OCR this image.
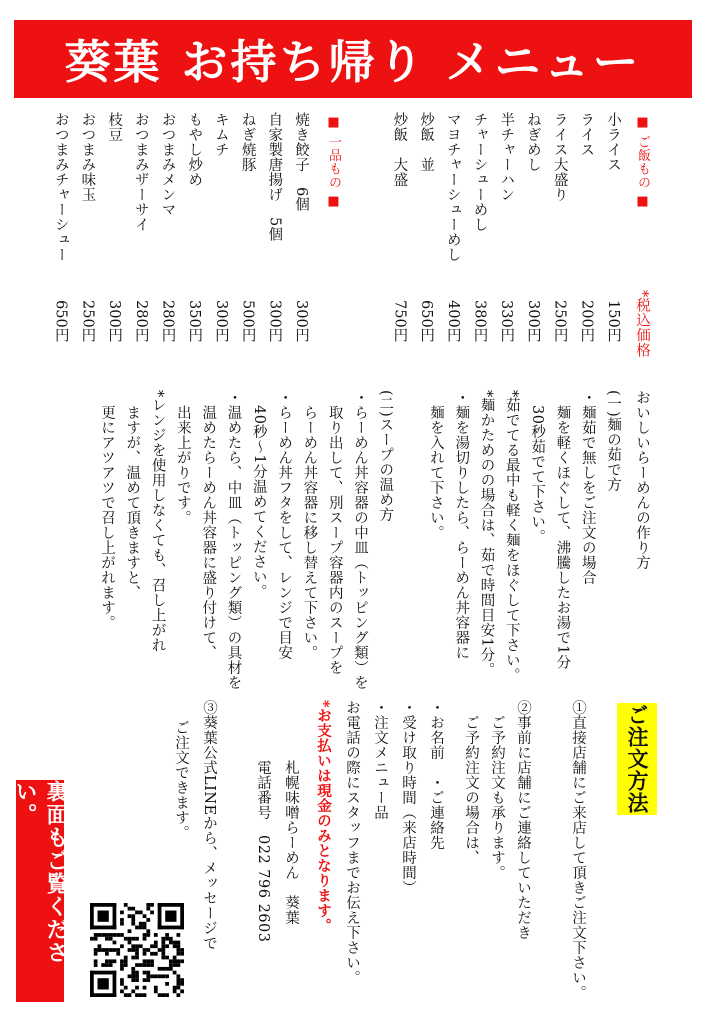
葵葉 お持ち帰り メニュー
■ ご飯もの ■
小ライス
ライス
ライス大盛り
ねぎめし
半チャーハン
チャーシューめし
マヨチャーシューめし
炒飯　並
炒飯　大盛
*税込価格
150円
200円
250円
300円
330円
380円
400円
650円
750円
■ 一品もの ■
焼き餃子　6個
自家製唐揚げ　5個
ねぎ焼豚
キムチ
もやし炒め
おつまみメンマ
おつまみザーサイ
枝豆
おつまみ味玉
おつまみチャーシュー
300円
300円
500円
300円
350円
280円
280円
300円
250円
650円
おいしいらーめんの作り方
(一)麺の茹で方
・麺茹で無しをご注文の場合
　麺を軽くほぐして、沸騰したお湯で1分
　30秒茹でて下さい。
*茹でてる最中も軽く麺をほぐして下さい。
*麺かためのの場合は、茹で時間目安1分。
・麺を湯切りしたら、らーめん丼容器に
　麺を入れて下さい。
(二)スープの温め方
・らーめん丼容器の中皿（トッピング類）を
　取り出して、別スープ容器内のスープを
　らーめん丼容器に移し替えて下さい。
・らーめん丼フタをして、レンジで目安
　40秒〜1分温めてください。
・温めたら、中皿（トッピング類）の具材を
　温めたらーめん丼容器に盛り付けて、
　出来上がりです。
*レンジを使用しなくても、召し上がれ
　ますが、温めて頂きますと、
　更にアツアツで召し上がれます。
ご注文方法
①直接店舗にご来店して頂きご注文下さい。
②事前に店舗にご連絡していただき
　ご予約注文も承ります。
　ご予約注文の場合は、
・お名前　・ご連絡先
・受け取り時間（来店時間）
・注文メニュー品
お電話の際にスタッフまでお伝え下さい。
*お支払いは現金のみとなります。
札幌味噌らーめん　葵葉
電話番号　022 796 2603
③葵葉公式LINEから、メッセージで
ご注文できます。
裏面もご覧ください。
